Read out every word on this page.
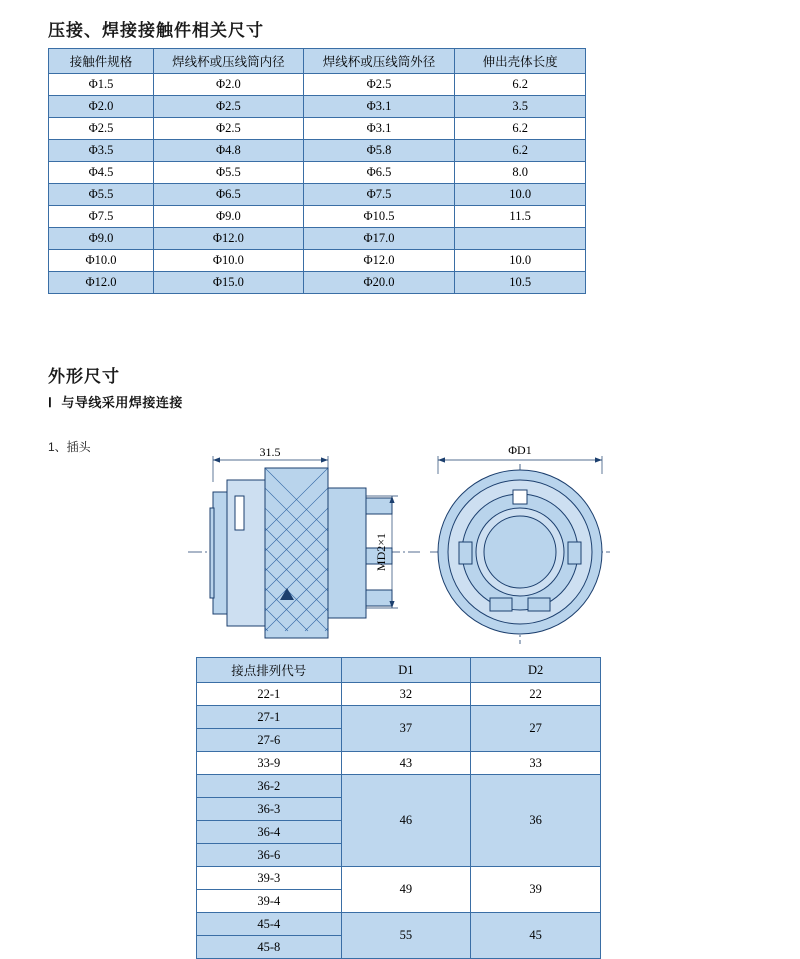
压接、焊接接触件相关尺寸
接触件规格	焊线杯或压线筒内径	焊线杯或压线筒外径	伸出壳体长度
Φ1.5	Φ2.0	Φ2.5	6.2
Φ2.0	Φ2.5	Φ3.1	3.5
Φ2.5	Φ2.5	Φ3.1	6.2
Φ3.5	Φ4.8	Φ5.8	6.2
Φ4.5	Φ5.5	Φ6.5	8.0
Φ5.5	Φ6.5	Φ7.5	10.0
Φ7.5	Φ9.0	Φ10.5	11.5
Φ9.0	Φ12.0	Φ17.0	
Φ10.0	Φ10.0	Φ12.0	10.0
Φ12.0	Φ15.0	Φ20.0	10.5
外形尺寸
Ⅰ 与导线采用焊接连接
1、插头	31.5
MD2×1
ΦD1
接点排列代号	D1	D2
22-1	32	22
27-1	37	27
27-6		
33-9	43	33
36-2	46	36
36-3		
36-4		
36-6		
39-3	49	39
39-4		
45-4	55	45
45-8		
